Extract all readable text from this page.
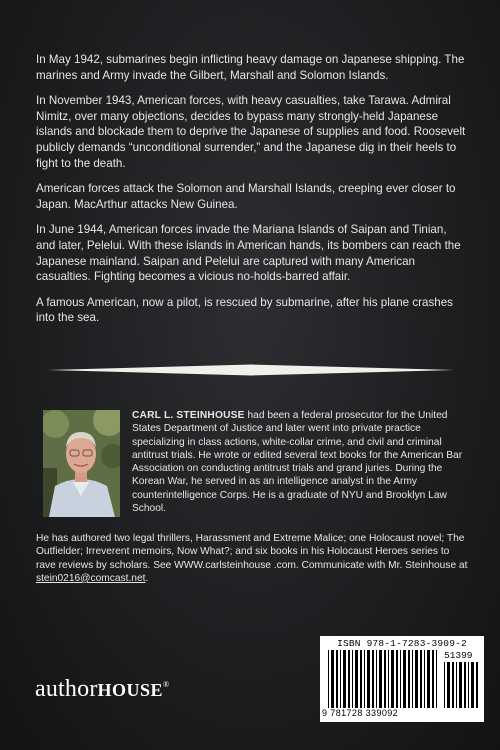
In May 1942, submarines begin inflicting heavy damage on Japanese shipping. The marines and Army invade the Gilbert, Marshall and Solomon Islands.

In November 1943, American forces, with heavy casualties, take Tarawa. Admiral Nimitz, over many objections, decides to bypass many strongly-held Japanese islands and blockade them to deprive the Japanese of supplies and food. Roosevelt publicly demands “unconditional surrender,” and the Japanese dig in their heels to fight to the death.

American forces attack the Solomon and Marshall Islands, creeping ever closer to Japan. MacArthur attacks New Guinea.

In June 1944, American forces invade the Mariana Islands of Saipan and Tinian, and later, Pelelui. With these islands in American hands, its bombers can reach the Japanese mainland. Saipan and Pelelui are captured with many American casualties. Fighting becomes a vicious no-holds-barred affair.

A famous American, now a pilot, is rescued by submarine, after his plane crashes into the sea.

CARL L. STEINHOUSE had been a federal prosecutor for the United States Department of Justice and later went into private practice specializing in class actions, white-collar crime, and civil and criminal antitrust trials. He wrote or edited several text books for the American Bar Association on conducting antitrust trials and grand juries. During the Korean War, he served in as an intelligence analyst in the Army counterintelligence Corps. He is a graduate of NYU and Brooklyn Law School.

He has authored two legal thrillers, Harassment and Extreme Malice; one Holocaust novel; The Outfielder; Irreverent memoirs, Now What?; and six books in his Holocaust Heroes series to rave reviews by scholars. See WWW.carlsteinhouse .com. Communicate with Mr. Steinhouse at stein0216@comcast.net.

authorHOUSE®
ISBN 978-1-7283-3909-2
51399
9 781728 339092
